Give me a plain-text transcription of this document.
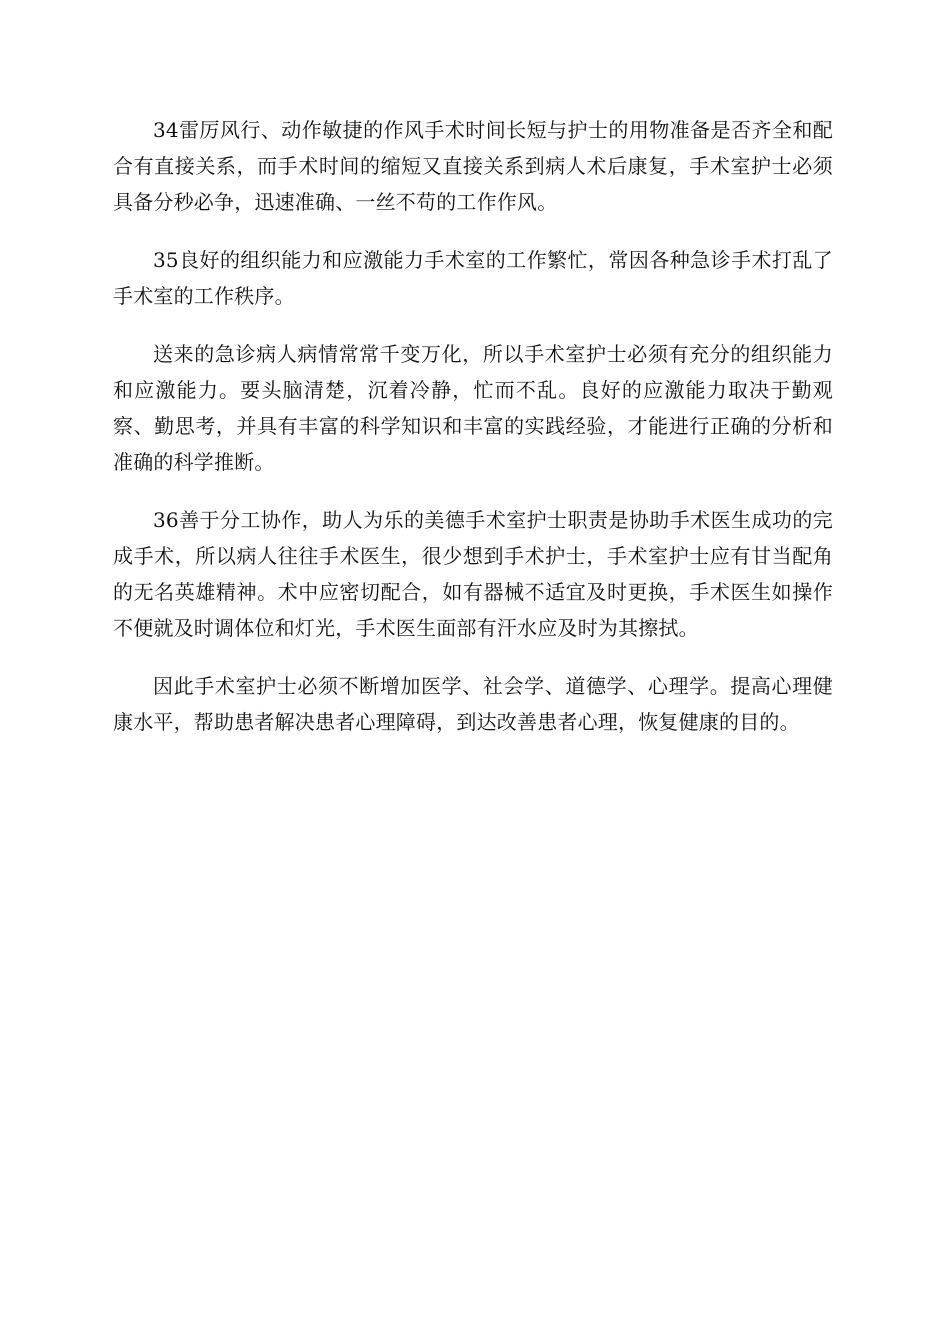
34雷厉风行、动作敏捷的作风手术时间长短与护士的用物准备是否齐全和配合有直接关系，而手术时间的缩短又直接关系到病人术后康复，手术室护士必须具备分秒必争，迅速准确、一丝不苟的工作作风。

35良好的组织能力和应激能力手术室的工作繁忙，常因各种急诊手术打乱了手术室的工作秩序。

送来的急诊病人病情常常千变万化，所以手术室护士必须有充分的组织能力和应激能力。要头脑清楚，沉着冷静，忙而不乱。良好的应激能力取决于勤观察、勤思考，并具有丰富的科学知识和丰富的实践经验，才能进行正确的分析和准确的科学推断。

36善于分工协作，助人为乐的美德手术室护士职责是协助手术医生成功的完成手术，所以病人往往手术医生，很少想到手术护士，手术室护士应有甘当配角的无名英雄精神。术中应密切配合，如有器械不适宜及时更换，手术医生如操作不便就及时调体位和灯光，手术医生面部有汗水应及时为其擦拭。

因此手术室护士必须不断增加医学、社会学、道德学、心理学。提高心理健康水平，帮助患者解决患者心理障碍，到达改善患者心理，恢复健康的目的。
